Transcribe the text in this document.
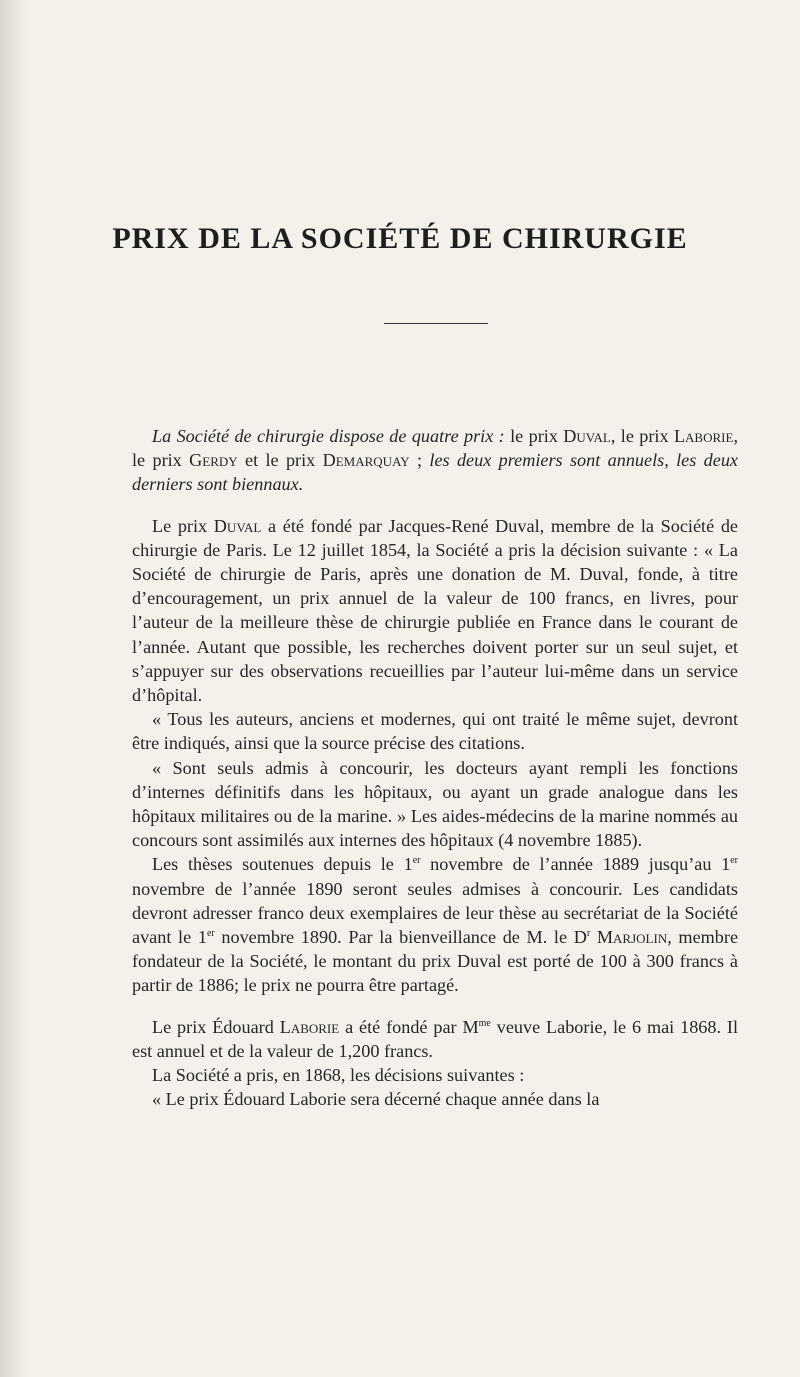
PRIX DE LA SOCIÉTÉ DE CHIRURGIE

La Société de chirurgie dispose de quatre prix : le prix Duval, le prix Laborie, le prix Gerdy et le prix Demarquay ; les deux premiers sont annuels, les deux derniers sont biennaux.

Le prix Duval a été fondé par Jacques-René Duval, membre de la Société de chirurgie de Paris. Le 12 juillet 1854, la Société a pris la décision suivante : « La Société de chirurgie de Paris, après une donation de M. Duval, fonde, à titre d’encouragement, un prix annuel de la valeur de 100 francs, en livres, pour l’auteur de la meilleure thèse de chirurgie publiée en France dans le courant de l’année. Autant que possible, les recherches doivent porter sur un seul sujet, et s’appuyer sur des observations recueillies par l’auteur lui-même dans un service d’hôpital.

« Tous les auteurs, anciens et modernes, qui ont traité le même sujet, devront être indiqués, ainsi que la source précise des citations.

« Sont seuls admis à concourir, les docteurs ayant rempli les fonctions d’internes définitifs dans les hôpitaux, ou ayant un grade analogue dans les hôpitaux militaires ou de la marine. » Les aides-médecins de la marine nommés au concours sont assimilés aux internes des hôpitaux (4 novembre 1885).

Les thèses soutenues depuis le 1er novembre de l’année 1889 jusqu’au 1er novembre de l’année 1890 seront seules admises à concourir. Les candidats devront adresser franco deux exemplaires de leur thèse au secrétariat de la Société avant le 1er novembre 1890. Par la bienveillance de M. le $D^r$ Marjolin, membre fondateur de la Société, le montant du prix Duval est porté de 100 à 300 francs à partir de 1886; le prix ne pourra être partagé.

Le prix Édouard Laborie a été fondé par $M^{me}$ veuve Laborie, le 6 mai 1868. Il est annuel et de la valeur de 1,200 francs.

La Société a pris, en 1868, les décisions suivantes :

« Le prix Édouard Laborie sera décerné chaque année dans la
